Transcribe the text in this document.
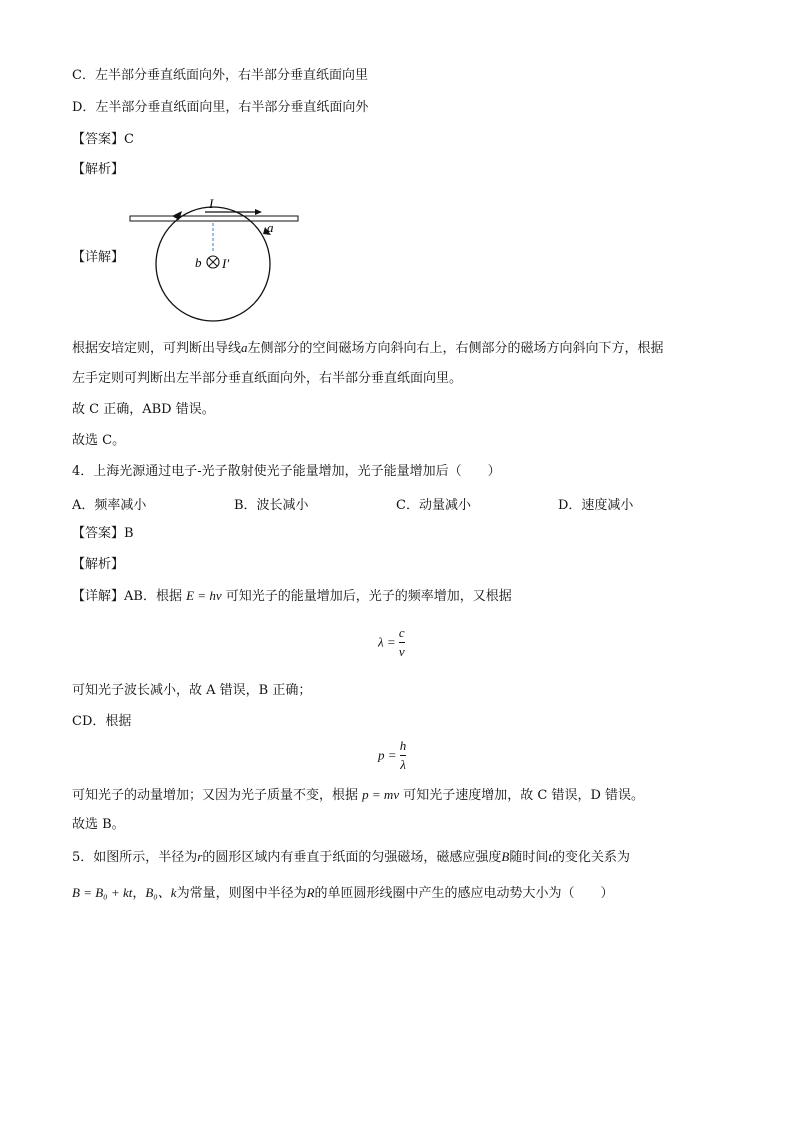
C．左半部分垂直纸面向外，右半部分垂直纸面向里
D．左半部分垂直纸面向里，右半部分垂直纸面向外
【答案】C
【解析】
【详解】
I
a
b I′
根据安培定则，可判断出导线a左侧部分的空间磁场方向斜向右上，右侧部分的磁场方向斜向下方，根据
左手定则可判断出左半部分垂直纸面向外，右半部分垂直纸面向里。
故 C 正确，ABD 错误。
故选 C。
4．上海光源通过电子-光子散射使光子能量增加，光子能量增加后（　　）
A．频率减小	B．波长减小	C．动量减小	D．速度减小
【答案】B
【解析】
【详解】AB．根据 E = hν 可知光子的能量增加后，光子的频率增加，又根据
$\lambda = \frac{c}{\nu}$
可知光子波长减小，故 A 错误，B 正确；
CD．根据
$p = \frac{h}{\lambda}$
可知光子的动量增加；又因为光子质量不变，根据 p = mv 可知光子速度增加，故 C 错误，D 错误。
故选 B。
5．如图所示，半径为r的圆形区域内有垂直于纸面的匀强磁场，磁感应强度B随时间t的变化关系为
B = B₀ + kt，B₀、k为常量，则图中半径为R的单匝圆形线圈中产生的感应电动势大小为（　　）
